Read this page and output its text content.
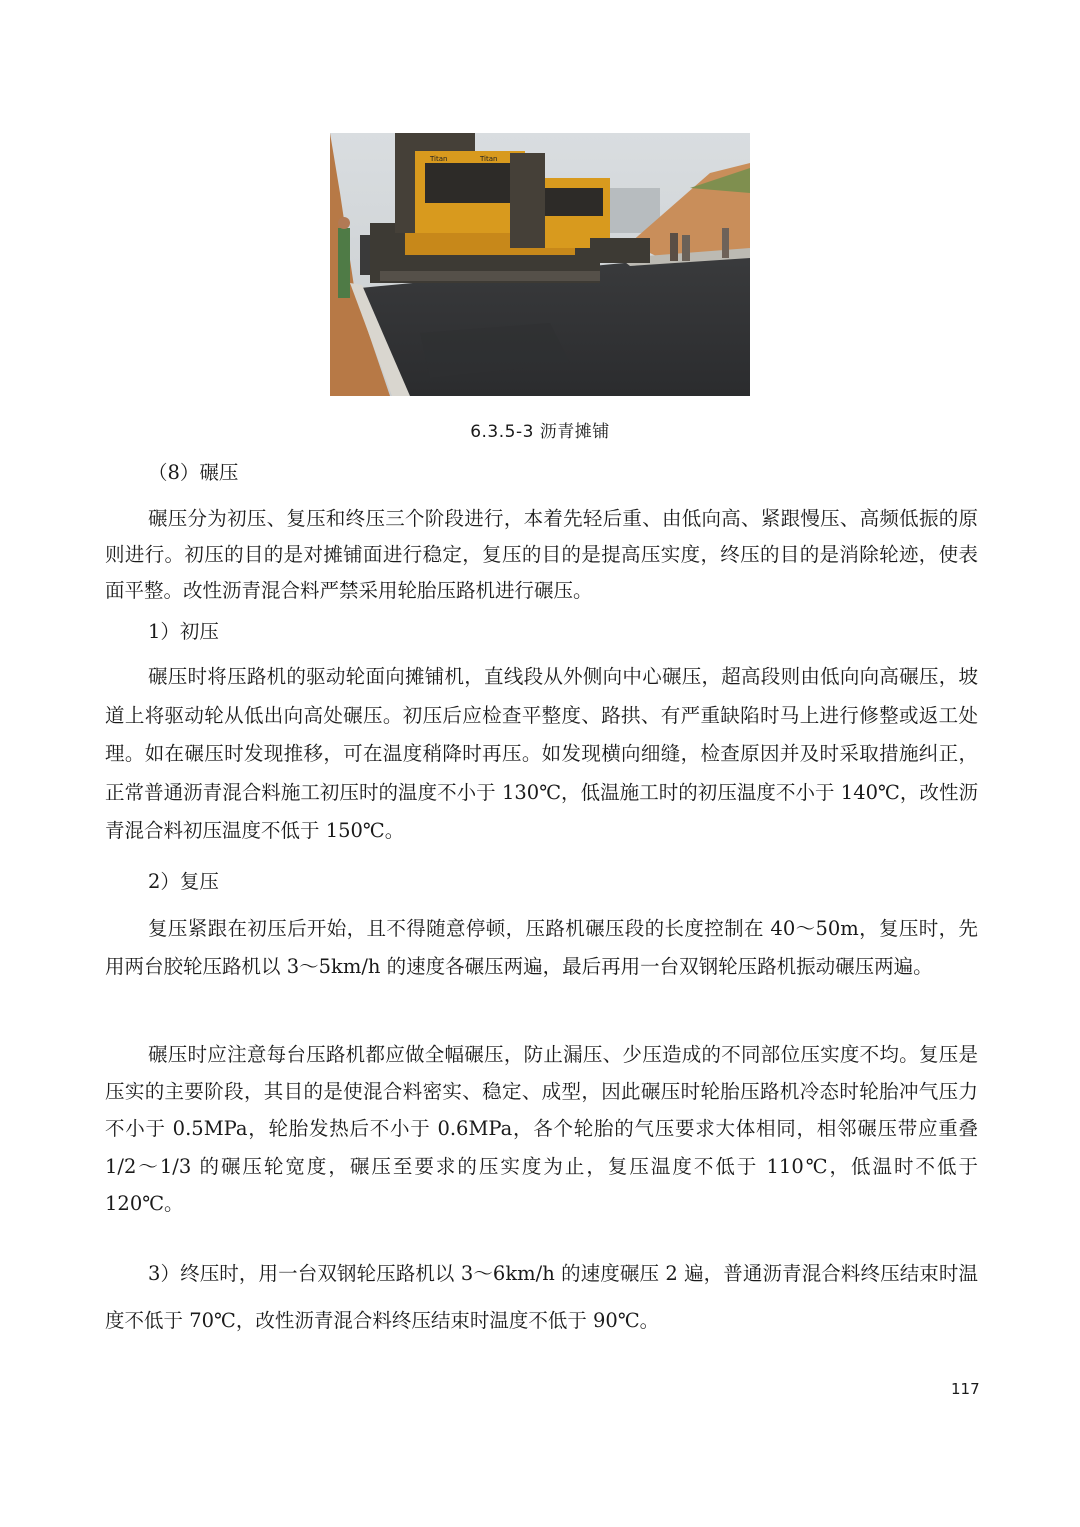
Titan	Titan
6.3.5-3 沥青摊铺

（8）碾压

碾压分为初压、复压和终压三个阶段进行，本着先轻后重、由低向高、紧跟慢压、高频低振的原则进行。初压的目的是对摊铺面进行稳定，复压的目的是提高压实度，终压的目的是消除轮迹，使表面平整。改性沥青混合料严禁采用轮胎压路机进行碾压。

1）初压

碾压时将压路机的驱动轮面向摊铺机，直线段从外侧向中心碾压，超高段则由低向向高碾压，坡道上将驱动轮从低出向高处碾压。初压后应检查平整度、路拱、有严重缺陷时马上进行修整或返工处理。如在碾压时发现推移，可在温度稍降时再压。如发现横向细缝，检查原因并及时采取措施纠正，正常普通沥青混合料施工初压时的温度不小于 130℃，低温施工时的初压温度不小于 140℃，改性沥青混合料初压温度不低于 150℃。

2）复压

复压紧跟在初压后开始，且不得随意停顿，压路机碾压段的长度控制在 40～50m，复压时，先用两台胶轮压路机以 3～5km/h 的速度各碾压两遍，最后再用一台双钢轮压路机振动碾压两遍。

碾压时应注意每台压路机都应做全幅碾压，防止漏压、少压造成的不同部位压实度不均。复压是压实的主要阶段，其目的是使混合料密实、稳定、成型，因此碾压时轮胎压路机冷态时轮胎冲气压力不小于 0.5MPa，轮胎发热后不小于 0.6MPa，各个轮胎的气压要求大体相同，相邻碾压带应重叠 1/2～1/3 的碾压轮宽度，碾压至要求的压实度为止，复压温度不低于 110℃，低温时不低于 120℃。

3）终压时，用一台双钢轮压路机以 3～6km/h 的速度碾压 2 遍，普通沥青混合料终压结束时温度不低于 70℃，改性沥青混合料终压结束时温度不低于 90℃。

117
